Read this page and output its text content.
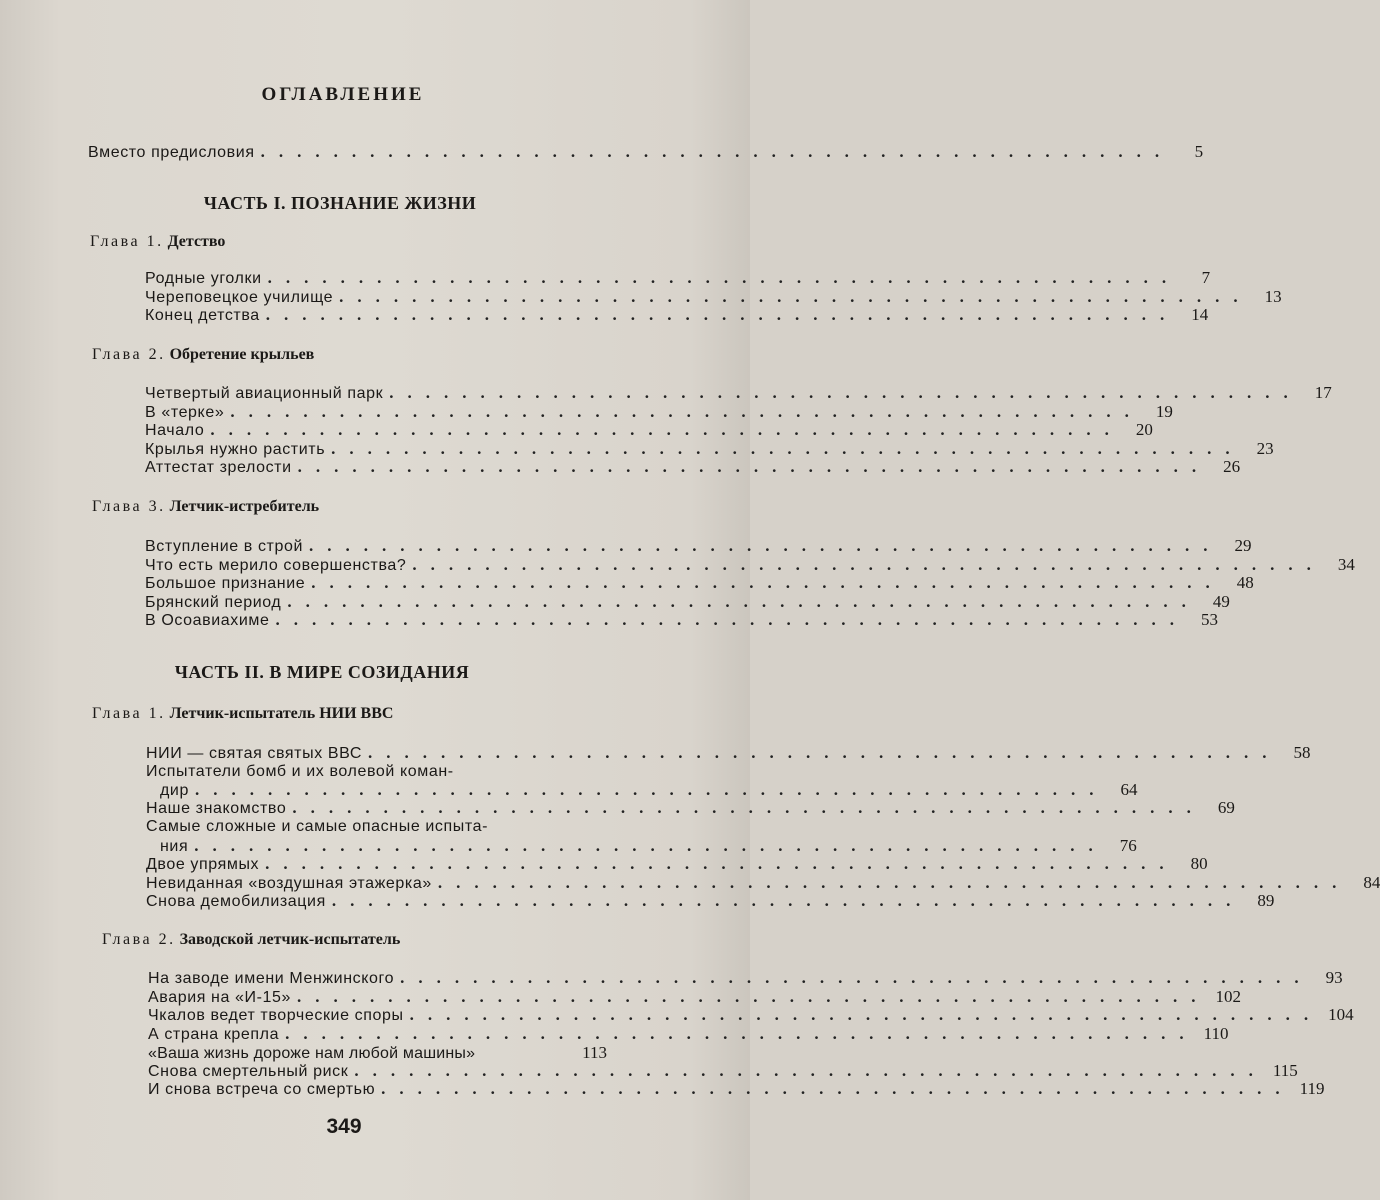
ОГЛАВЛЕНИЕ
Вместо предисловия ..................................................	5
ЧАСТЬ I. ПОЗНАНИЕ ЖИЗНИ
Глава 1. Детство
Родные уголки ..................................................	7
Череповецкое училище .................................................. 13
Конец детства .................................................. 14
Глава 2. Обретение крыльев
Четвертый авиационный парк .................................................. 17
В «терке» .................................................. 19
Начало .................................................. 20
Крылья нужно растить .................................................. 23
Аттестат зрелости .................................................. 26
Глава 3. Летчик-истребитель
Вступление в строй .................................................. 29
Что есть мерило совершенства? .................................................. 34
Большое признание .................................................. 48
Брянский период .................................................. 49
В Осоавиахиме .................................................. 53
ЧАСТЬ II. В МИРЕ СОЗИДАНИЯ
Глава 1. Летчик-испытатель НИИ ВВС
НИИ — святая святых ВВС .................................................. 58
Испытатели бомб и их волевой коман-
дир .................................................. 64
Наше знакомство .................................................. 69
Самые сложные и самые опасные испыта-
ния .................................................. 76
Двое упрямых .................................................. 80
Невиданная «воздушная этажерка» .................................................. 84
Снова демобилизация .................................................. 89
Глава 2. Заводской летчик-испытатель
На заводе имени Менжинского .................................................. 93
Авария на «И-15» .................................................. 102
Чкалов ведет творческие споры .................................................. 104
А страна крепла .................................................. 110
«Ваша жизнь дороже нам любой машины»	113
Снова смертельный риск .................................................. 115
И снова встреча со смертью .................................................. 119
349
